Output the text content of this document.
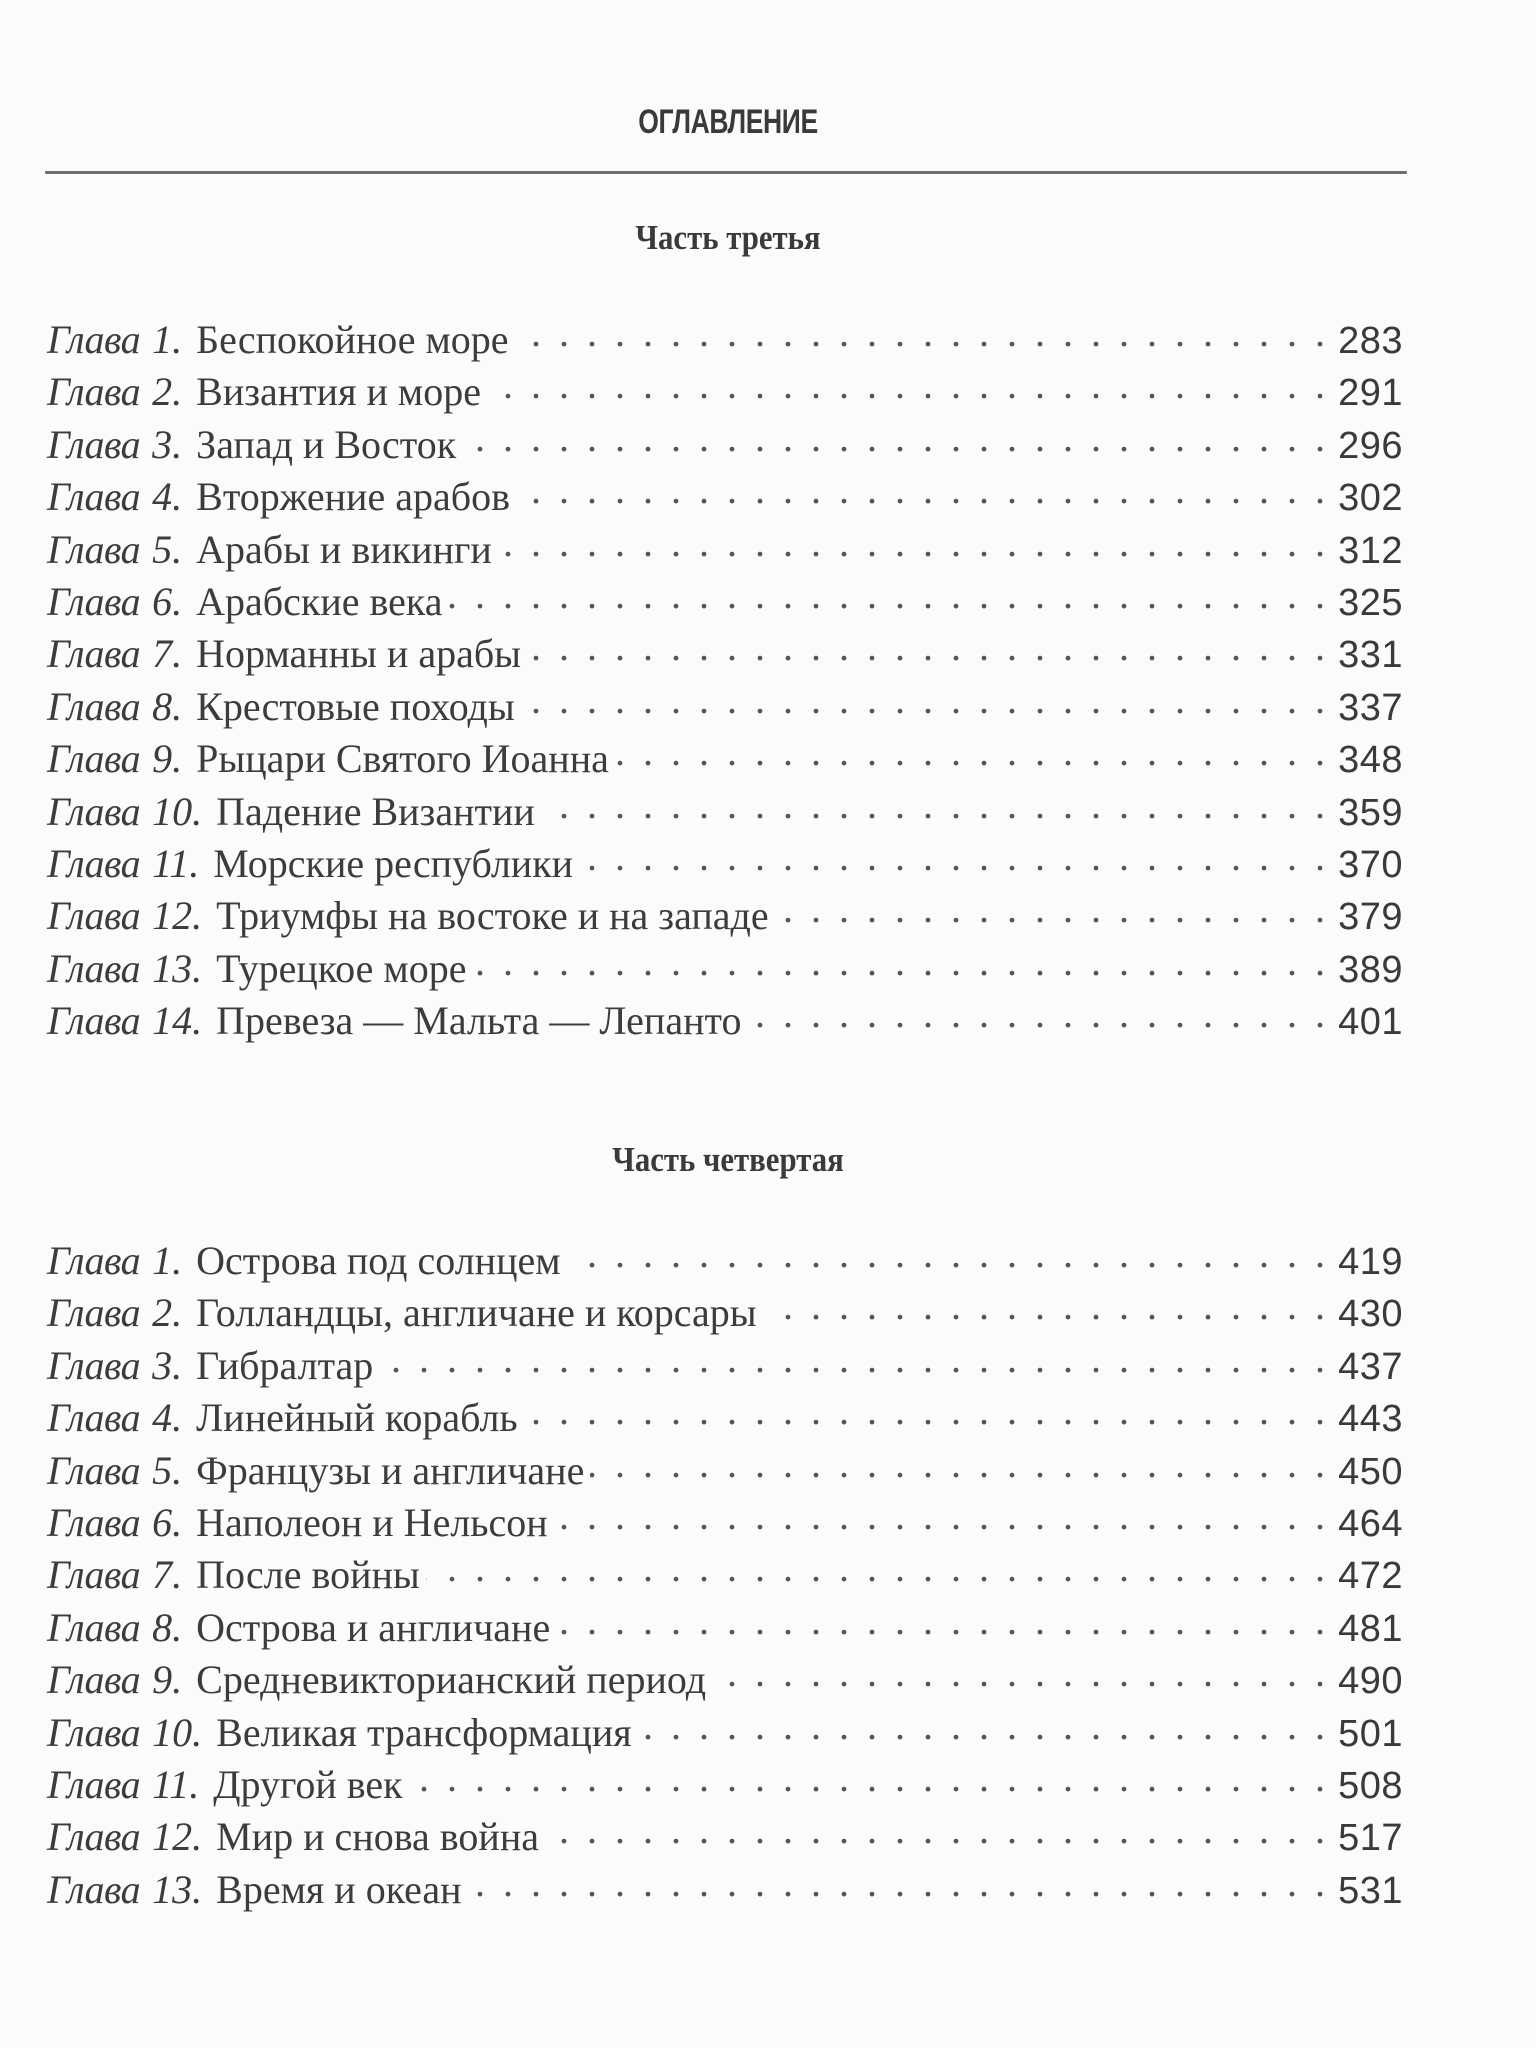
ОГЛАВЛЕНИЕ
Часть третья
Глава 1. Беспокойное море . . .	283
Глава 2. Византия и море . . .	291
Глава 3. Запад и Восток . . .	296
Глава 4. Вторжение арабов . . .	302
Глава 5. Арабы и викинги . . .	312
Глава 6. Арабские века . . .	325
Глава 7. Норманны и арабы . . .	331
Глава 8. Крестовые походы . . .	337
Глава 9. Рыцари Святого Иоанна . . .	348
Глава 10. Падение Византии . . .	359
Глава 11. Морские республики . . .	370
Глава 12. Триумфы на востоке и на западе . . .	379
Глава 13. Турецкое море . . .	389
Глава 14. Превеза — Мальта — Лепанто . . .	401
Часть четвертая
Глава 1. Острова под солнцем . . .	419
Глава 2. Голландцы, англичане и корсары . . .	430
Глава 3. Гибралтар . . .	437
Глава 4. Линейный корабль . . .	443
Глава 5. Французы и англичане . . .	450
Глава 6. Наполеон и Нельсон . . .	464
Глава 7. После войны . . .	472
Глава 8. Острова и англичане . . .	481
Глава 9. Средневикторианский период . . .	490
Глава 10. Великая трансформация . . .	501
Глава 11. Другой век . . .	508
Глава 12. Мир и снова война . . .	517
Глава 13. Время и океан . . .	531
